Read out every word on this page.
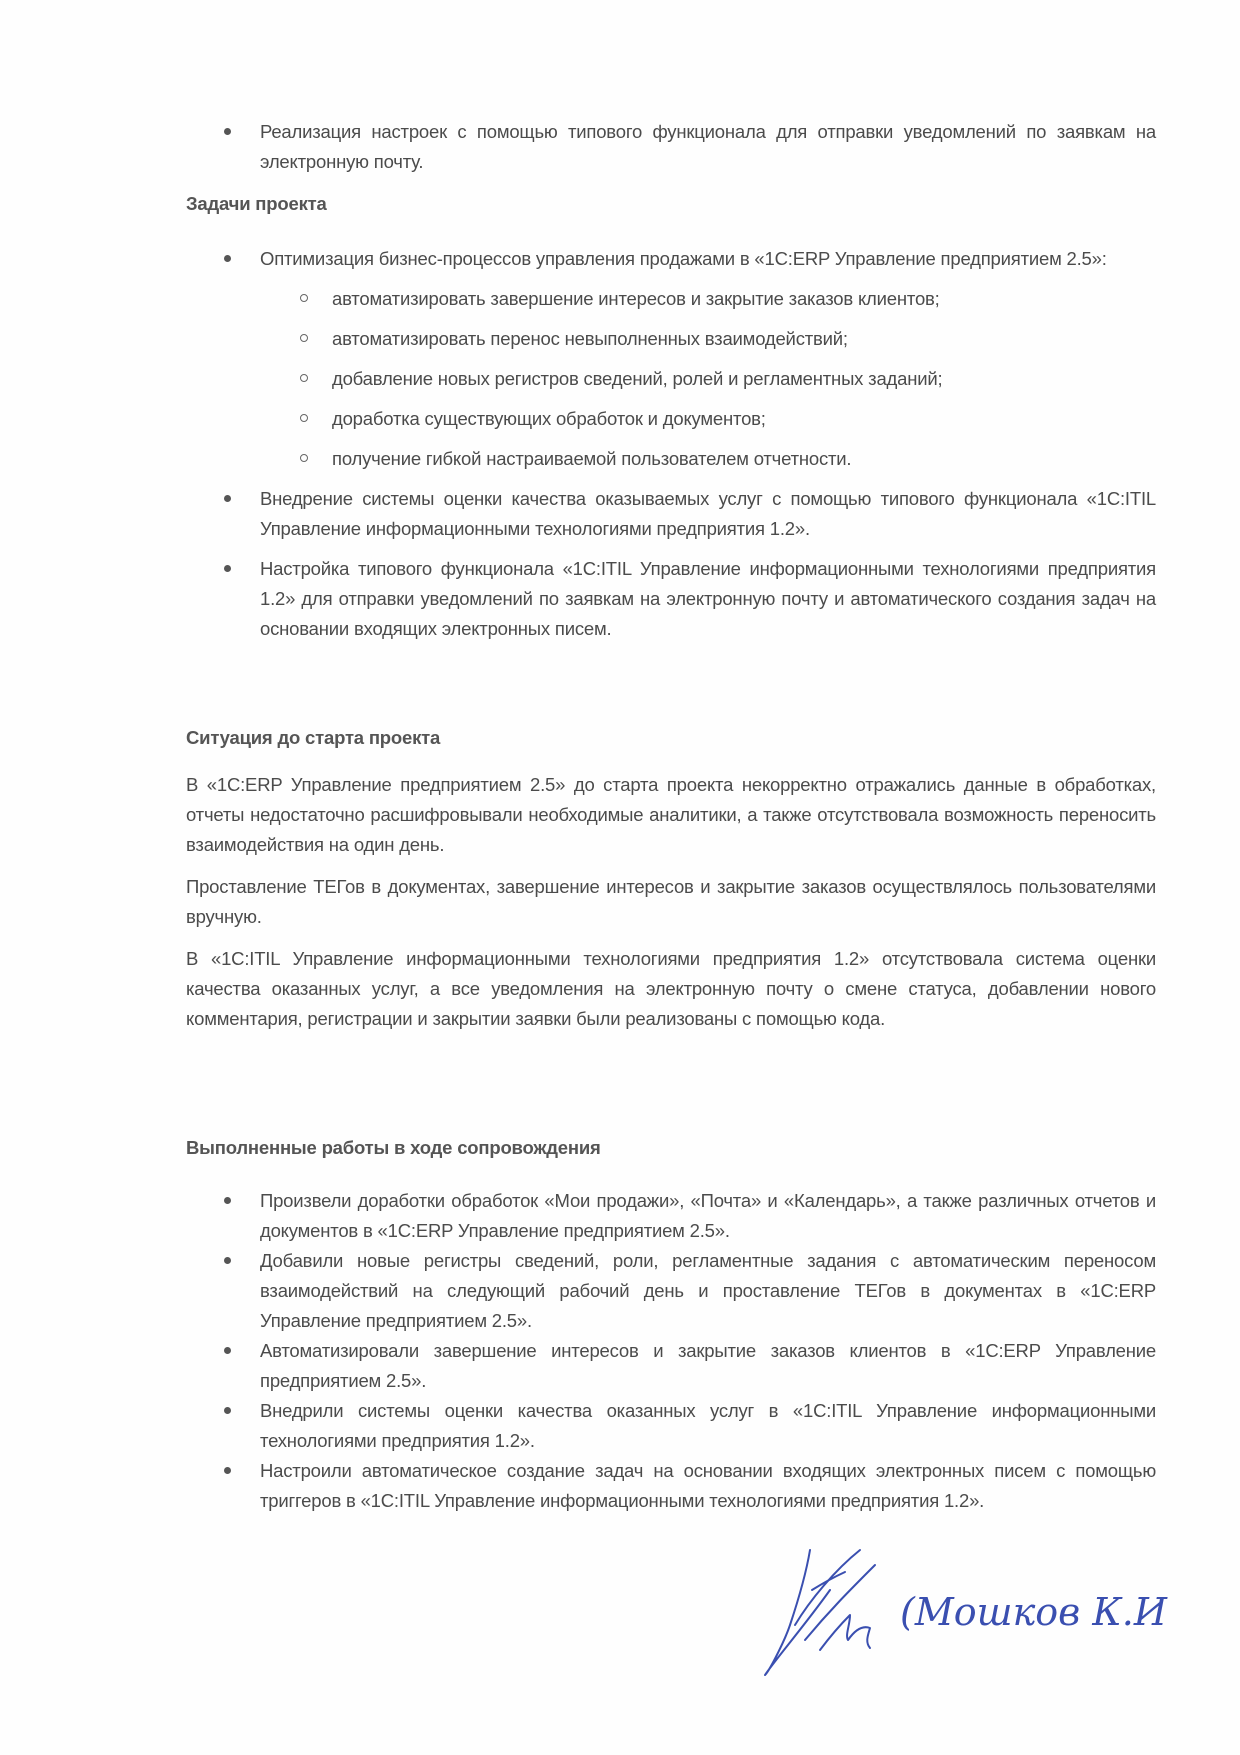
Реализация настроек с помощью типового функционала для отправки уведомлений по заявкам на электронную почту.
Задачи проекта
Оптимизация бизнес-процессов управления продажами в «1С:ERP Управление предприятием 2.5»:
автоматизировать завершение интересов и закрытие заказов клиентов;
автоматизировать перенос невыполненных взаимодействий;
добавление новых регистров сведений, ролей и регламентных заданий;
доработка существующих обработок и документов;
получение гибкой настраиваемой пользователем отчетности.
Внедрение системы оценки качества оказываемых услуг с помощью типового функционала «1С:ITIL Управление информационными технологиями предприятия 1.2».
Настройка типового функционала «1С:ITIL Управление информационными технологиями предприятия 1.2» для отправки уведомлений по заявкам на электронную почту и автоматического создания задач на основании входящих электронных писем.
Ситуация до старта проекта

В «1С:ERP Управление предприятием 2.5» до старта проекта некорректно отражались данные в обработках, отчеты недостаточно расшифровывали необходимые аналитики, а также отсутствовала возможность переносить взаимодействия на один день.

Проставление ТЕГов в документах, завершение интересов и закрытие заказов осуществлялось пользователями вручную.

В «1С:ITIL Управление информационными технологиями предприятия 1.2» отсутствовала система оценки качества оказанных услуг, а все уведомления на электронную почту о смене статуса, добавлении нового комментария, регистрации и закрытии заявки были реализованы с помощью кода.

Выполненные работы в ходе сопровождения
Произвели доработки обработок «Мои продажи», «Почта» и «Календарь», а также различных отчетов и документов в «1С:ERP Управление предприятием 2.5».
Добавили новые регистры сведений, роли, регламентные задания с автоматическим переносом взаимодействий на следующий рабочий день и проставление ТЕГов в документах в «1С:ERP Управление предприятием 2.5».
Автоматизировали завершение интересов и закрытие заказов клиентов в «1С:ERP Управление предприятием 2.5».
Внедрили системы оценки качества оказанных услуг в «1С:ITIL Управление информационными технологиями предприятия 1.2».
Настроили автоматическое создание задач на основании входящих электронных писем с помощью триггеров в «1С:ITIL Управление информационными технологиями предприятия 1.2».
(Мошков К.И.)
